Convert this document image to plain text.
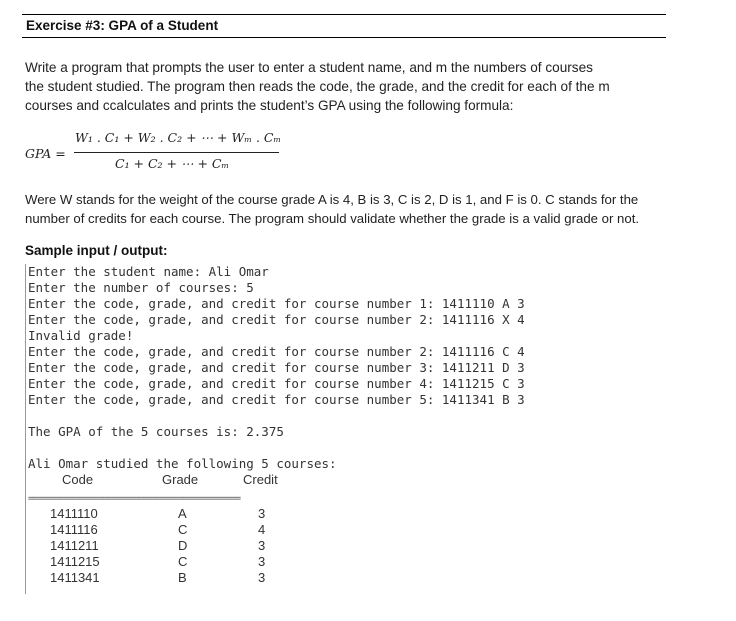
Exercise #3: GPA of a Student
Write a program that prompts the user to enter a student name, and m the numbers of courses
the student studied. The program then reads the code, the grade, and the credit for each of the m
courses and ccalculates and prints the student’s GPA using the following formula:
GPA =
W₁ . C₁ + W₂ . C₂ + ⋯ + Wₘ . Cₘ
C₁ + C₂ + ⋯ + Cₘ
Were W stands for the weight of the course grade A is 4, B is 3, C is 2, D is 1, and F is 0. C stands for the
number of credits for each course. The program should validate whether the grade is a valid grade or not.
Sample input / output:
Enter the student name: Ali Omar
Enter the number of courses: 5
Enter the code, grade, and credit for course number 1: 1411110 A 3
Enter the code, grade, and credit for course number 2: 1411116 X 4
Invalid grade!
Enter the code, grade, and credit for course number 2: 1411116 C 4
Enter the code, grade, and credit for course number 3: 1411211 D 3
Enter the code, grade, and credit for course number 4: 1411215 C 3
Enter the code, grade, and credit for course number 5: 1411341 B 3
The GPA of the 5 courses is: 2.375
Ali Omar studied the following 5 courses:
Code	Grade	Credit
================================================
1411110	A	3
1411116	C	4
1411211	D	3
1411215	C	3
1411341	B	3
